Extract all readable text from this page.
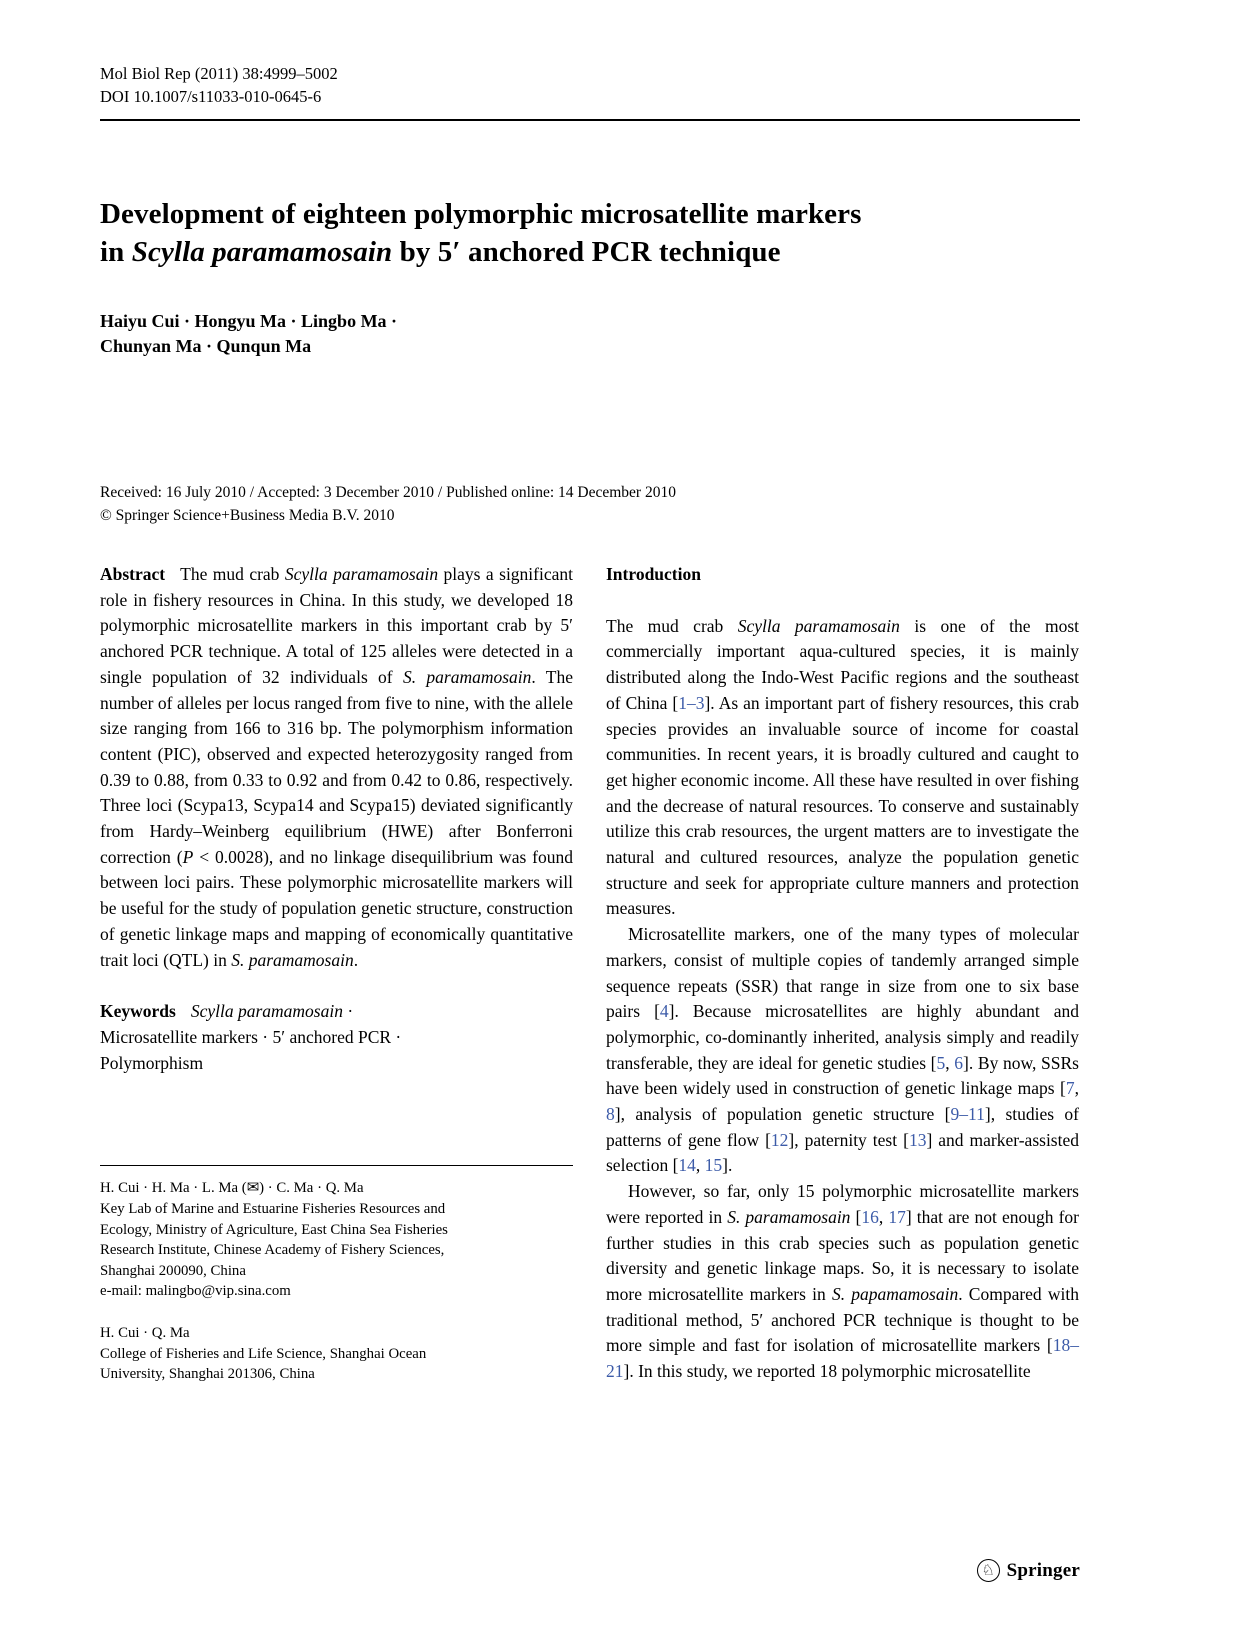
Mol Biol Rep (2011) 38:4999–5002
DOI 10.1007/s11033-010-0645-6
Development of eighteen polymorphic microsatellite markers
in Scylla paramamosain by 5′ anchored PCR technique
Haiyu Cui · Hongyu Ma · Lingbo Ma ·
Chunyan Ma · Qunqun Ma
Received: 16 July 2010 / Accepted: 3 December 2010 / Published online: 14 December 2010
© Springer Science+Business Media B.V. 2010

Abstract The mud crab Scylla paramamosain plays a significant role in fishery resources in China. In this study, we developed 18 polymorphic microsatellite markers in this important crab by 5′ anchored PCR technique. A total of 125 alleles were detected in a single population of 32 individuals of S. paramamosain. The number of alleles per locus ranged from five to nine, with the allele size ranging from 166 to 316 bp. The polymorphism information content (PIC), observed and expected heterozygosity ranged from 0.39 to 0.88, from 0.33 to 0.92 and from 0.42 to 0.86, respectively. Three loci (Scypa13, Scypa14 and Scypa15) deviated significantly from Hardy–Weinberg equilibrium (HWE) after Bonferroni correction (P < 0.0028), and no linkage disequilibrium was found between loci pairs. These polymorphic microsatellite markers will be useful for the study of population genetic structure, construction of genetic linkage maps and mapping of economically quantitative trait loci (QTL) in S. paramamosain.

Keywords Scylla paramamosain ·
Microsatellite markers · 5′ anchored PCR ·
Polymorphism

H. Cui · H. Ma · L. Ma (✉) · C. Ma · Q. Ma
Key Lab of Marine and Estuarine Fisheries Resources and
Ecology, Ministry of Agriculture, East China Sea Fisheries
Research Institute, Chinese Academy of Fishery Sciences,
Shanghai 200090, China
e-mail: malingbo@vip.sina.com

H. Cui · Q. Ma
College of Fisheries and Life Science, Shanghai Ocean
University, Shanghai 201306, China

Introduction

The mud crab Scylla paramamosain is one of the most commercially important aqua-cultured species, it is mainly distributed along the Indo-West Pacific regions and the southeast of China [1–3]. As an important part of fishery resources, this crab species provides an invaluable source of income for coastal communities. In recent years, it is broadly cultured and caught to get higher economic income. All these have resulted in over fishing and the decrease of natural resources. To conserve and sustainably utilize this crab resources, the urgent matters are to investigate the natural and cultured resources, analyze the population genetic structure and seek for appropriate culture manners and protection measures.

Microsatellite markers, one of the many types of molecular markers, consist of multiple copies of tandemly arranged simple sequence repeats (SSR) that range in size from one to six base pairs [4]. Because microsatellites are highly abundant and polymorphic, co-dominantly inherited, analysis simply and readily transferable, they are ideal for genetic studies [5, 6]. By now, SSRs have been widely used in construction of genetic linkage maps [7, 8], analysis of population genetic structure [9–11], studies of patterns of gene flow [12], paternity test [13] and marker-assisted selection [14, 15].

However, so far, only 15 polymorphic microsatellite markers were reported in S. paramamosain [16, 17] that are not enough for further studies in this crab species such as population genetic diversity and genetic linkage maps. So, it is necessary to isolate more microsatellite markers in S. papamamosain. Compared with traditional method, 5′ anchored PCR technique is thought to be more simple and fast for isolation of microsatellite markers [18–21]. In this study, we reported 18 polymorphic microsatellite

♘ Springer
